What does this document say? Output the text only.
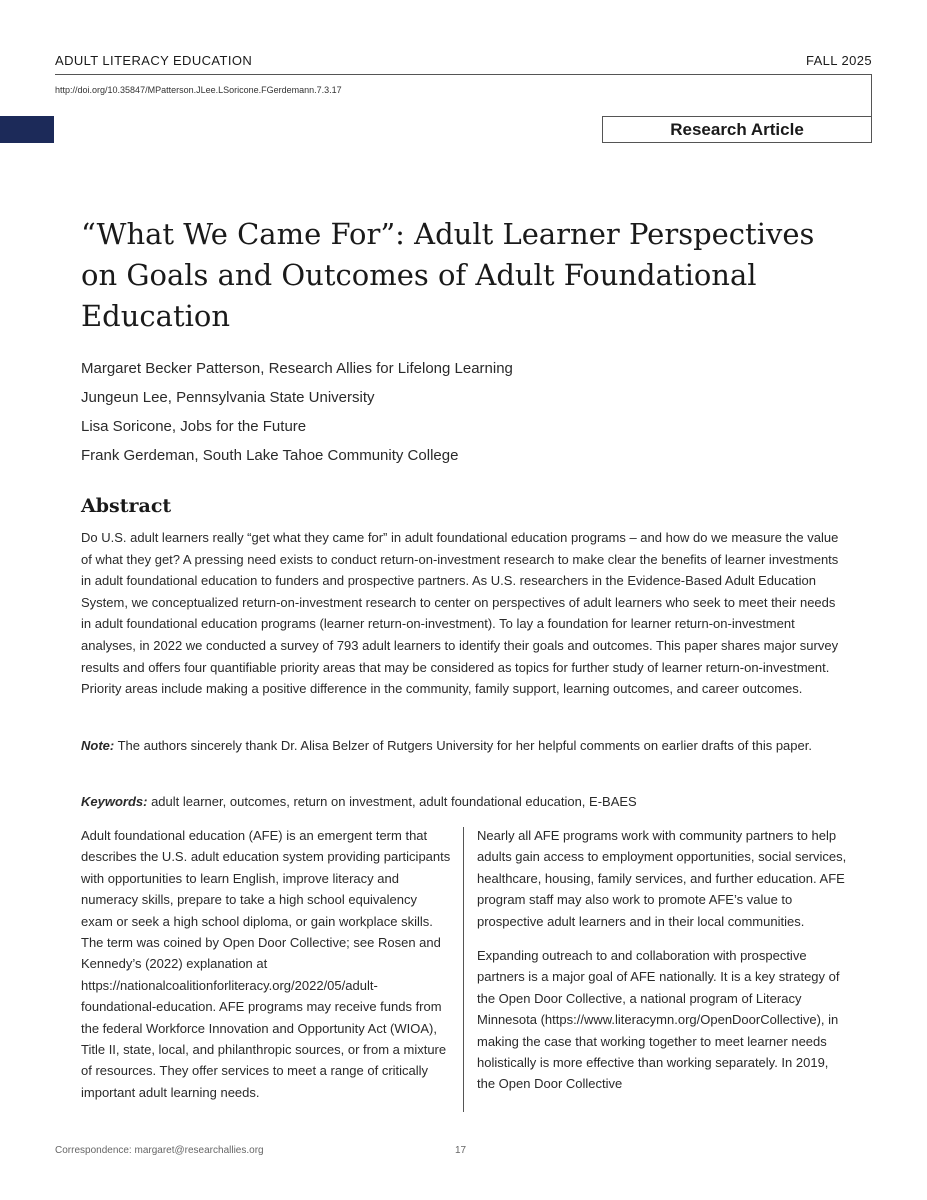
ADULT LITERACY EDUCATION	FALL 2025
http://doi.org/10.35847/MPatterson.JLee.LSoricone.FGerdemann.7.3.17
Research Article
“What We Came For”: Adult Learner Perspectives on Goals and Outcomes of Adult Foundational Education
Margaret Becker Patterson, Research Allies for Lifelong Learning
Jungeun Lee, Pennsylvania State University
Lisa Soricone, Jobs for the Future
Frank Gerdeman, South Lake Tahoe Community College
Abstract

Do U.S. adult learners really “get what they came for” in adult foundational education programs – and how do we measure the value of what they get? A pressing need exists to conduct return-on-investment research to make clear the benefits of learner investments in adult foundational education to funders and prospective partners. As U.S. researchers in the Evidence-Based Adult Education System, we conceptualized return-on-investment research to center on perspectives of adult learners who seek to meet their needs in adult foundational education programs (learner return-on-investment). To lay a foundation for learner return-on-investment analyses, in 2022 we conducted a survey of 793 adult learners to identify their goals and outcomes. This paper shares major survey results and offers four quantifiable priority areas that may be considered as topics for further study of learner return-on-investment. Priority areas include making a positive difference in the community, family support, learning outcomes, and career outcomes.

Note: The authors sincerely thank Dr. Alisa Belzer of Rutgers University for her helpful comments on earlier drafts of this paper.

Keywords: adult learner, outcomes, return on investment, adult foundational education, E-BAES

Adult foundational education (AFE) is an emergent term that describes the U.S. adult education system providing participants with opportunities to learn English, improve literacy and numeracy skills, prepare to take a high school equivalency exam or seek a high school diploma, or gain workplace skills. The term was coined by Open Door Collective; see Rosen and Kennedy’s (2022) explanation at https://nationalcoalitionforliteracy.org/2022/05/adult-foundational-education. AFE programs may receive funds from the federal Workforce Innovation and Opportunity Act (WIOA), Title II, state, local, and philanthropic sources, or from a mixture of resources. They offer services to meet a range of critically important adult learning needs.

Nearly all AFE programs work with community partners to help adults gain access to employment opportunities, social services, healthcare, housing, family services, and further education. AFE program staff may also work to promote AFE’s value to prospective adult learners and in their local communities.

Expanding outreach to and collaboration with prospective partners is a major goal of AFE nationally. It is a key strategy of the Open Door Collective, a national program of Literacy Minnesota (https://www.literacymn.org/OpenDoorCollective), in making the case that working together to meet learner needs holistically is more effective than working separately. In 2019, the Open Door Collective

Correspondence: margaret@researchallies.org	17
